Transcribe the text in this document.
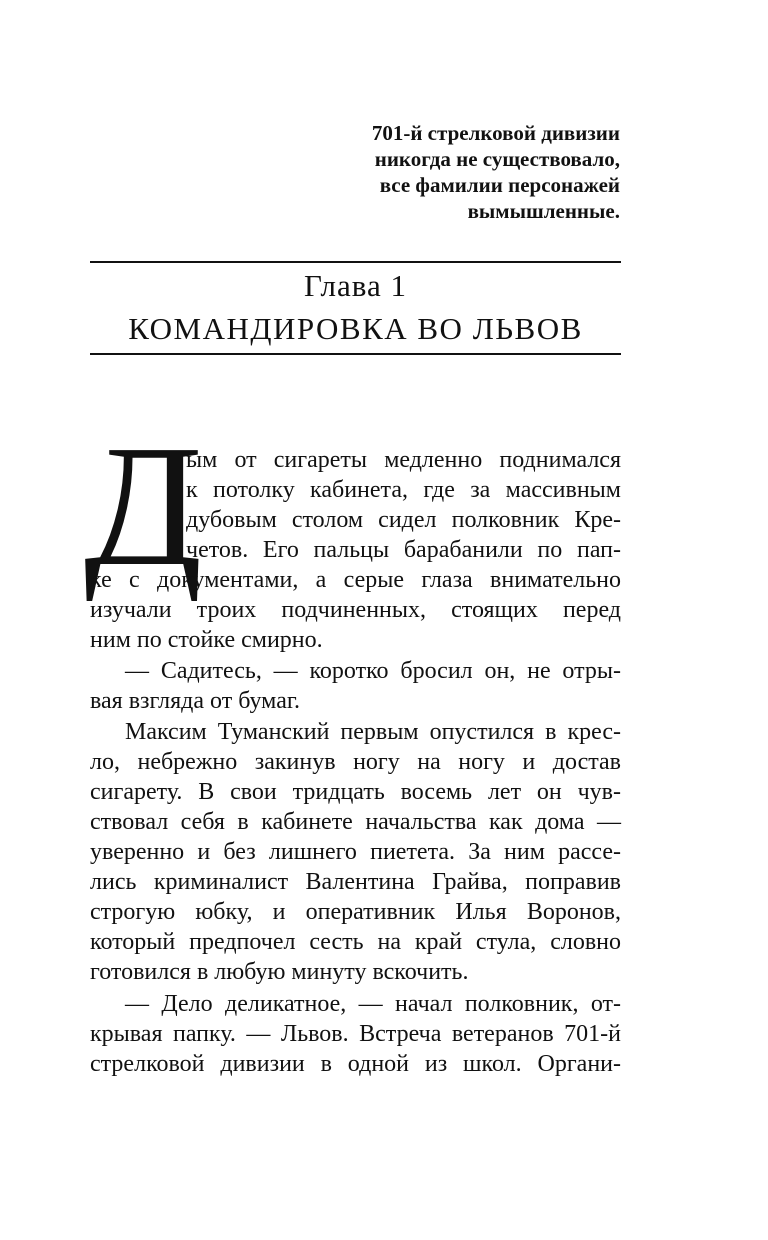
701-й стрелковой дивизии
никогда не существовало,
все фамилии персонажей
вымышленные.
Глава 1
КОМАНДИРОВКА ВО ЛЬВОВ
Д
ым от сигареты медленно поднимался
к потолку кабинета, где за массивным
дубовым столом сидел полковник Кре-
четов. Его пальцы барабанили по пап-
ке с документами, а серые глаза внимательно
изучали троих подчиненных, стоящих перед
ним по стойке смирно.
— Садитесь, — коротко бросил он, не отры-
вая взгляда от бумаг.
Максим Туманский первым опустился в крес-
ло, небрежно закинув ногу на ногу и достав
сигарету. В свои тридцать восемь лет он чув-
ствовал себя в кабинете начальства как дома —
уверенно и без лишнего пиетета. За ним рассе-
лись криминалист Валентина Грайва, поправив
строгую юбку, и оперативник Илья Воронов,
который предпочел сесть на край стула, словно
готовился в любую минуту вскочить.
— Дело деликатное, — начал полковник, от-
крывая папку. — Львов. Встреча ветеранов 701-й
стрелковой дивизии в одной из школ. Органи-
